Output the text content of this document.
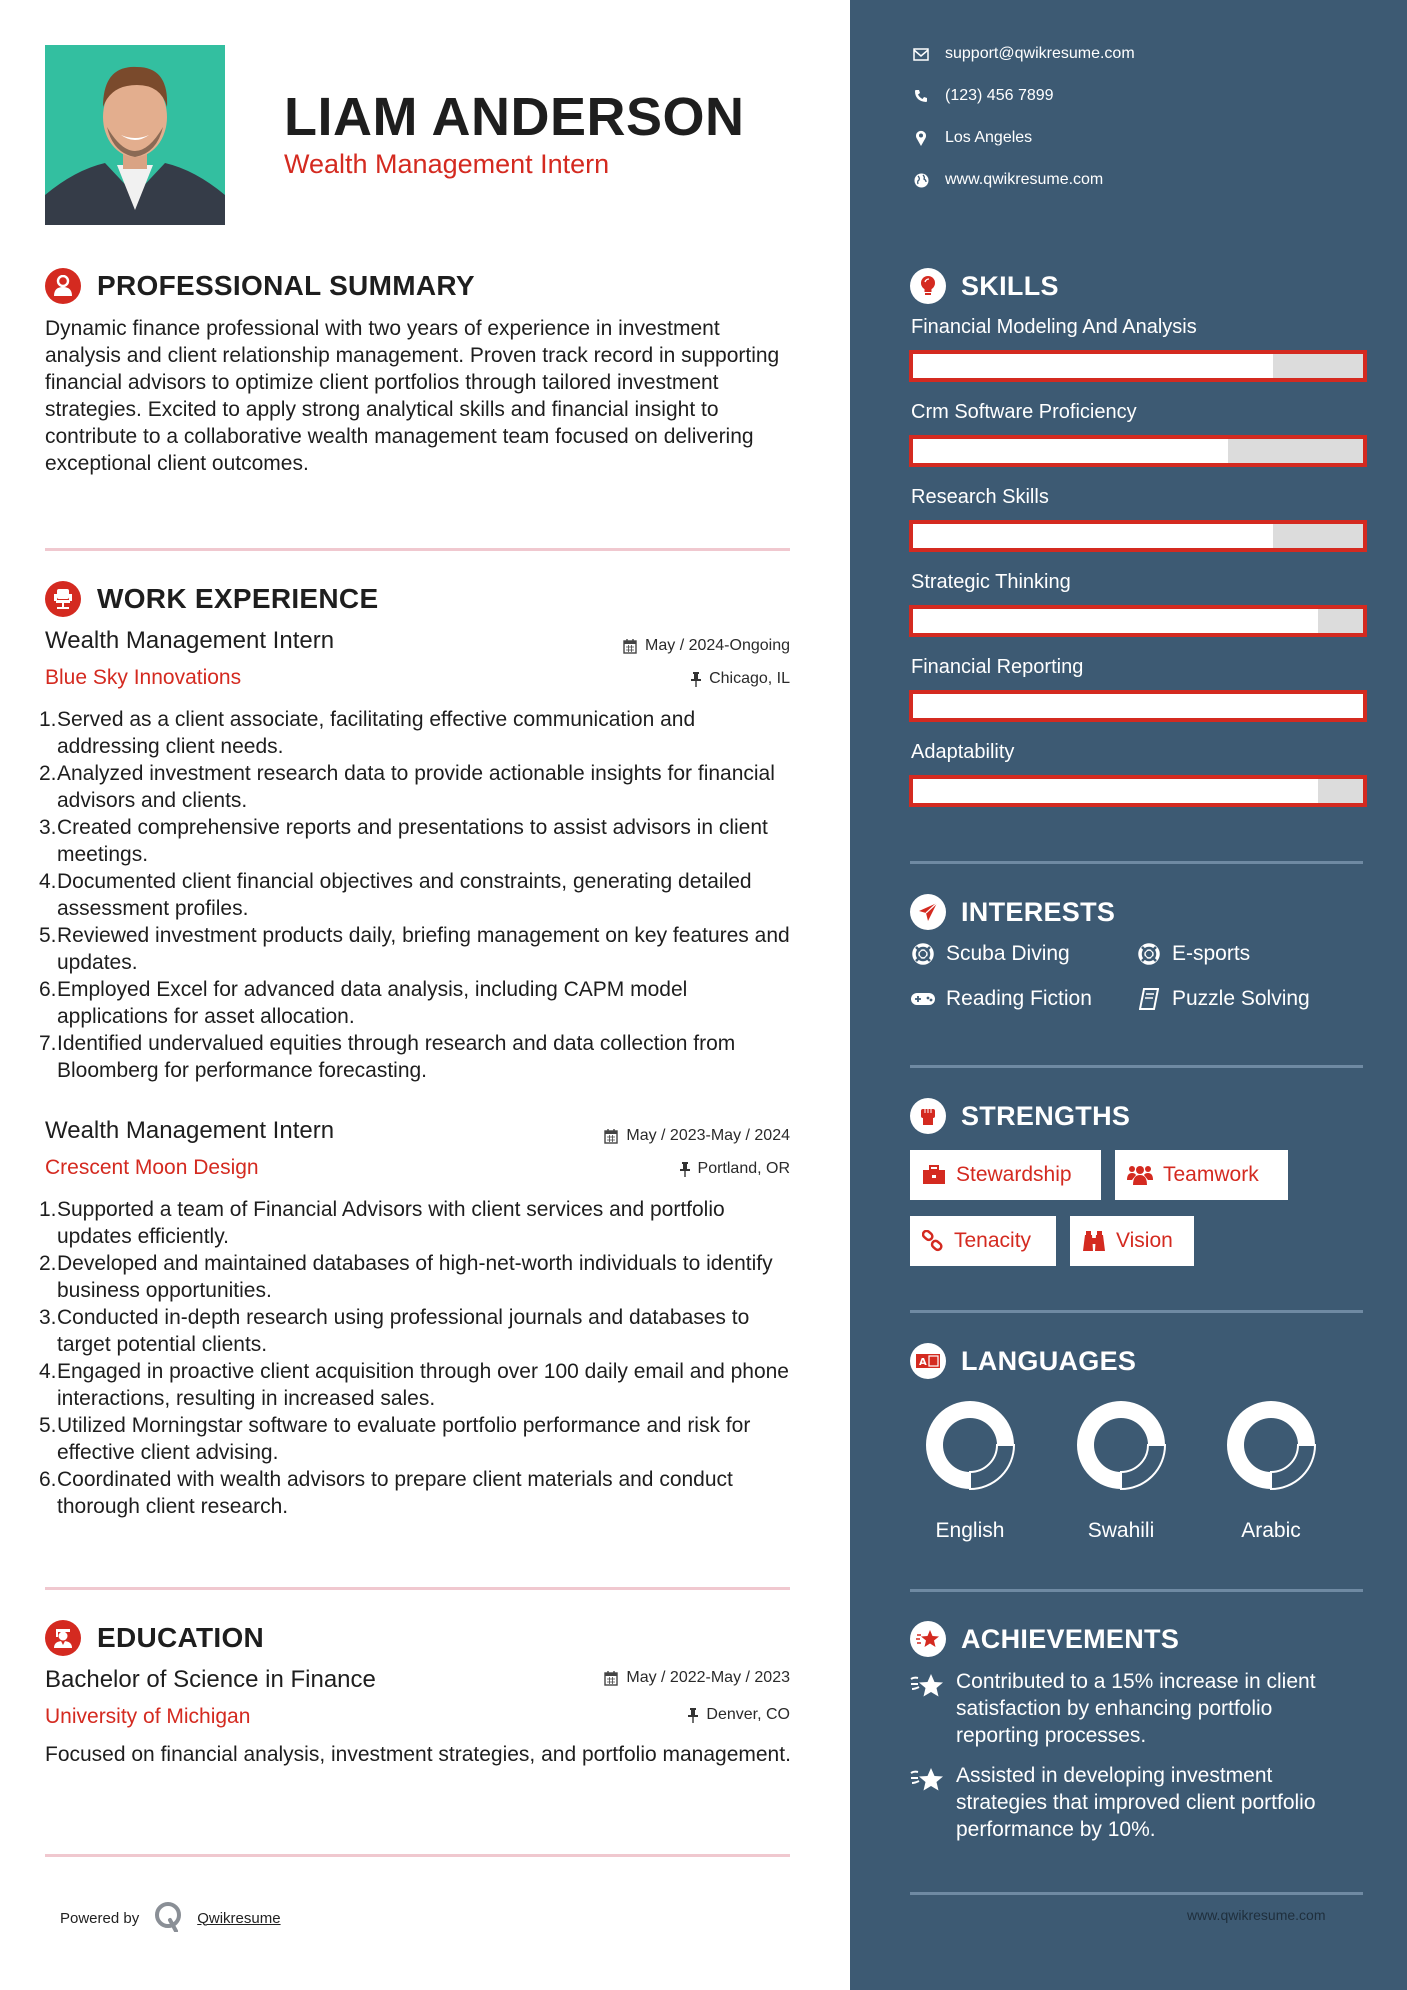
LIAM ANDERSON
Wealth Management Intern
PROFESSIONAL SUMMARY
Dynamic finance professional with two years of experience in investment analysis and client relationship management. Proven track record in supporting financial advisors to optimize client portfolios through tailored investment strategies. Excited to apply strong analytical skills and financial insight to contribute to a collaborative wealth management team focused on delivering exceptional client outcomes.
WORK EXPERIENCE
Wealth Management Intern	May / 2024-Ongoing
Blue Sky Innovations	Chicago, IL
1. Served as a client associate, facilitating effective communication and addressing client needs.
2. Analyzed investment research data to provide actionable insights for financial advisors and clients.
3. Created comprehensive reports and presentations to assist advisors in client meetings.
4. Documented client financial objectives and constraints, generating detailed assessment profiles.
5. Reviewed investment products daily, briefing management on key features and updates.
6. Employed Excel for advanced data analysis, including CAPM model applications for asset allocation.
7. Identified undervalued equities through research and data collection from Bloomberg for performance forecasting.
Wealth Management Intern	May / 2023-May / 2024
Crescent Moon Design	Portland, OR
1. Supported a team of Financial Advisors with client services and portfolio updates efficiently.
2. Developed and maintained databases of high-net-worth individuals to identify business opportunities.
3. Conducted in-depth research using professional journals and databases to target potential clients.
4. Engaged in proactive client acquisition through over 100 daily email and phone interactions, resulting in increased sales.
5. Utilized Morningstar software to evaluate portfolio performance and risk for effective client advising.
6. Coordinated with wealth advisors to prepare client materials and conduct thorough client research.
EDUCATION
Bachelor of Science in Finance	May / 2022-May / 2023
University of Michigan	Denver, CO
Focused on financial analysis, investment strategies, and portfolio management.
Powered by	Qwikresume
support@qwikresume.com
(123) 456 7899
Los Angeles
www.qwikresume.com
SKILLS
Financial Modeling And Analysis
Crm Software Proficiency
Research Skills
Strategic Thinking
Financial Reporting
Adaptability
INTERESTS
Scuba Diving	E-sports
Reading Fiction	Puzzle Solving
STRENGTHS
Stewardship	Teamwork
Tenacity	Vision
A LANGUAGES
English	Swahili	Arabic
ACHIEVEMENTS
Contributed to a 15% increase in client satisfaction by enhancing portfolio reporting processes.
Assisted in developing investment strategies that improved client portfolio performance by 10%.
www.qwikresume.com
